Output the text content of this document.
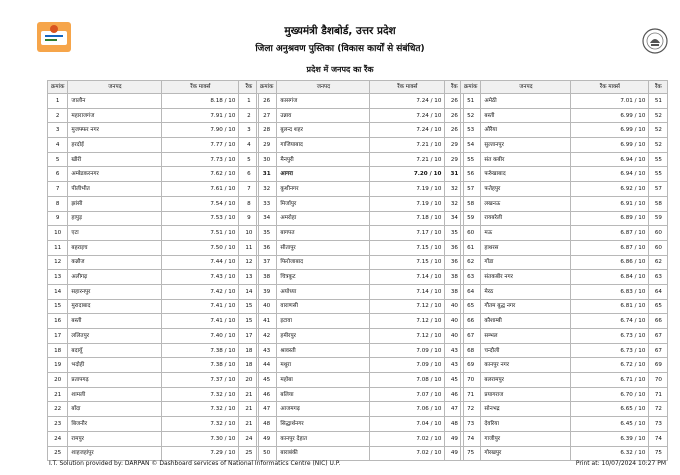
मुख्यमंत्री डैशबोर्ड, उत्तर प्रदेश
जिला अनुश्रवण पुस्तिका (विकास कार्यों से संबंधित)
प्रदेश में जनपद का रैंक
क्रमांक	जनपद	रैंक मार्क्स	रैंक
1	जालौन	8.18 / 10	1
2	महाराजगंज	7.91 / 10	2
3	मुजफ्फर नगर	7.90 / 10	3
4	हरदोई	7.77 / 10	4
5	खीरी	7.73 / 10	5
6	अम्बेडकरनगर	7.62 / 10	6
7	पीलीभीत	7.61 / 10	7
8	झांसी	7.54 / 10	8
9	हापुड़	7.53 / 10	9
10	एटा	7.51 / 10	10
11	बहराइच	7.50 / 10	11
12	कन्नौज	7.44 / 10	12
13	अलीगढ़	7.43 / 10	13
14	सहारनपुर	7.42 / 10	14
15	मुरादाबाद	7.41 / 10	15
16	बस्ती	7.41 / 10	15
17	ललितपुर	7.40 / 10	17
18	बदायूँ	7.38 / 10	18
19	भदोही	7.38 / 10	18
20	प्रतापगढ़	7.37 / 10	20
21	शामली	7.32 / 10	21
22	बाँदा	7.32 / 10	21
23	बिजनौर	7.32 / 10	21
24	रामपुर	7.30 / 10	24
25	शाहजहांपुर	7.29 / 10	25
क्रमांक	जनपद	रैंक मार्क्स	रैंक
26	कासगंज	7.24 / 10	26
27	उन्नाव	7.24 / 10	26
28	बुलन्द शहर	7.24 / 10	26
29	गाजियाबाद	7.21 / 10	29
30	मैनपुरी	7.21 / 10	29
31	आगरा	7.20 / 10	31
32	कुशीनगर	7.19 / 10	32
33	मिर्जापुर	7.19 / 10	32
34	अमरोहा	7.18 / 10	34
35	बागपत	7.17 / 10	35
36	सीतापुर	7.15 / 10	36
37	फिरोजाबाद	7.15 / 10	36
38	चित्रकूट	7.14 / 10	38
39	अयोध्या	7.14 / 10	38
40	वाराणसी	7.12 / 10	40
41	इटावा	7.12 / 10	40
42	हमीरपुर	7.12 / 10	40
43	श्रावस्ती	7.09 / 10	43
44	मथुरा	7.09 / 10	43
45	महोबा	7.08 / 10	45
46	बलिया	7.07 / 10	46
47	आजमगढ़	7.06 / 10	47
48	सिद्धार्थनगर	7.04 / 10	48
49	कानपुर देहात	7.02 / 10	49
50	बाराबंकी	7.02 / 10	49
क्रमांक	जनपद	रैंक मार्क्स	रैंक
51	अमेठी	7.01 / 10	51
52	बस्ती	6.99 / 10	52
53	औरैया	6.99 / 10	52
54	सुल्तानपुर	6.99 / 10	52
55	संत कबीर	6.94 / 10	55
56	फर्रुखाबाद	6.94 / 10	55
57	फतेहपुर	6.92 / 10	57
58	लखनऊ	6.91 / 10	58
59	रायबरेली	6.89 / 10	59
60	मऊ	6.87 / 10	60
61	हाथरस	6.87 / 10	60
62	गोंडा	6.86 / 10	62
63	संतकबीर नगर	6.84 / 10	63
64	मेरठ	6.83 / 10	64
65	गौतम बुद्ध नगर	6.81 / 10	65
66	कौशाम्बी	6.74 / 10	66
67	सम्भल	6.73 / 10	67
68	चन्दौली	6.73 / 10	67
69	कानपुर नगर	6.72 / 10	69
70	बलरामपुर	6.71 / 10	70
71	प्रयागराज	6.70 / 10	71
72	सोनभद्र	6.65 / 10	72
73	देवरिया	6.45 / 10	73
74	गाजीपुर	6.39 / 10	74
75	गोरखपुर	6.32 / 10	75
I.T. Solution provided by: DARPAN © Dashboard services of National Informatics Centre (NIC) U.P.	Print at: 10/07/2024 10:27 PM
